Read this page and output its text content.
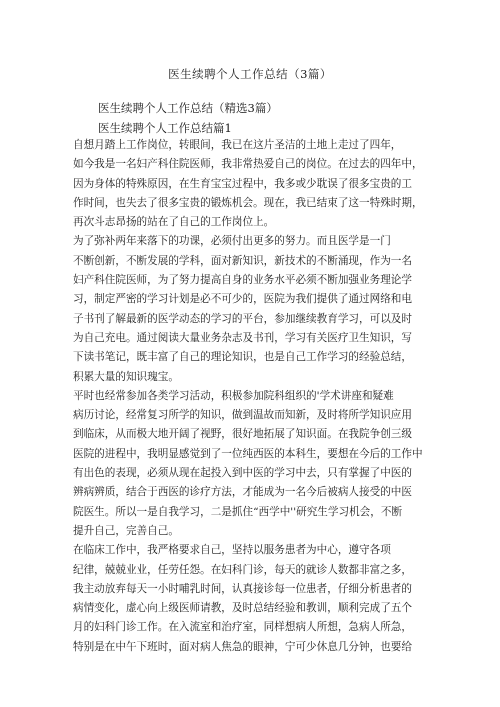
医生续聘个人工作总结（3篇）
医生续聘个人工作总结（精选3篇）
医生续聘个人工作总结篇1
自想月踏上工作岗位，转眼间，我已在这片圣洁的土地上走过了四年，
如今我是一名妇产科住院医师，我非常热爱自己的岗位。在过去的四年中，
因为身体的特殊原因，在生育宝宝过程中，我多或少耽误了很多宝贵的工
作时间，也失去了很多宝贵的锻炼机会。现在，我已结束了这一特殊时期，
再次斗志昂扬的站在了自己的工作岗位上。
为了弥补两年来落下的功课，必须付出更多的努力。而且医学是一门
不断创新，不断发展的学科，面对新知识，新技术的不断涌现，作为一名
妇产科住院医师，为了努力提高自身的业务水平必须不断加强业务理论学
习，制定严密的学习计划是必不可少的，医院为我们提供了通过网络和电
子书刊了解最新的医学动态的学习的平台，参加继续教育学习，可以及时
为自己充电。通过阅读大量业务杂志及书刊，学习有关医疗卫生知识，写
下读书笔记，既丰富了自己的理论知识，也是自己工作学习的经验总结，
积累大量的知识瑰宝。
平时也经常参加各类学习活动，积极参加院科组织的'学术讲座和疑难
病历讨论，经常复习所学的知识，做到温故而知新，及时将所学知识应用
到临床，从而极大地开阔了视野，很好地拓展了知识面。在我院争创三级
医院的进程中，我明显感觉到了一位纯西医的本科生，要想在今后的工作中
有出色的表现，必须从现在起投入到中医的学习中去，只有掌握了中医的
辨病辨质，结合于西医的诊疗方法，才能成为一名今后被病人接受的中医
院医生。所以一是自我学习，二是抓住“西学中''研究生学习机会，不断
提升自己，完善自己。
在临床工作中，我严格要求自己，坚持以服务患者为中心，遵守各项
纪律，兢兢业业，任劳任怨。在妇科门诊，每天的就诊人数都非富之多，
我主动放弃每天一小时哺乳时间，认真接诊每一位患者，仔细分析患者的
病情变化，虚心向上级医师请教，及时总结经验和教训，顺利完成了五个
月的妇科门诊工作。在入流室和治疗室，同样想病人所想，急病人所急，
特别是在中午下班时，面对病人焦急的眼神，宁可少休息几分钟，也要给
